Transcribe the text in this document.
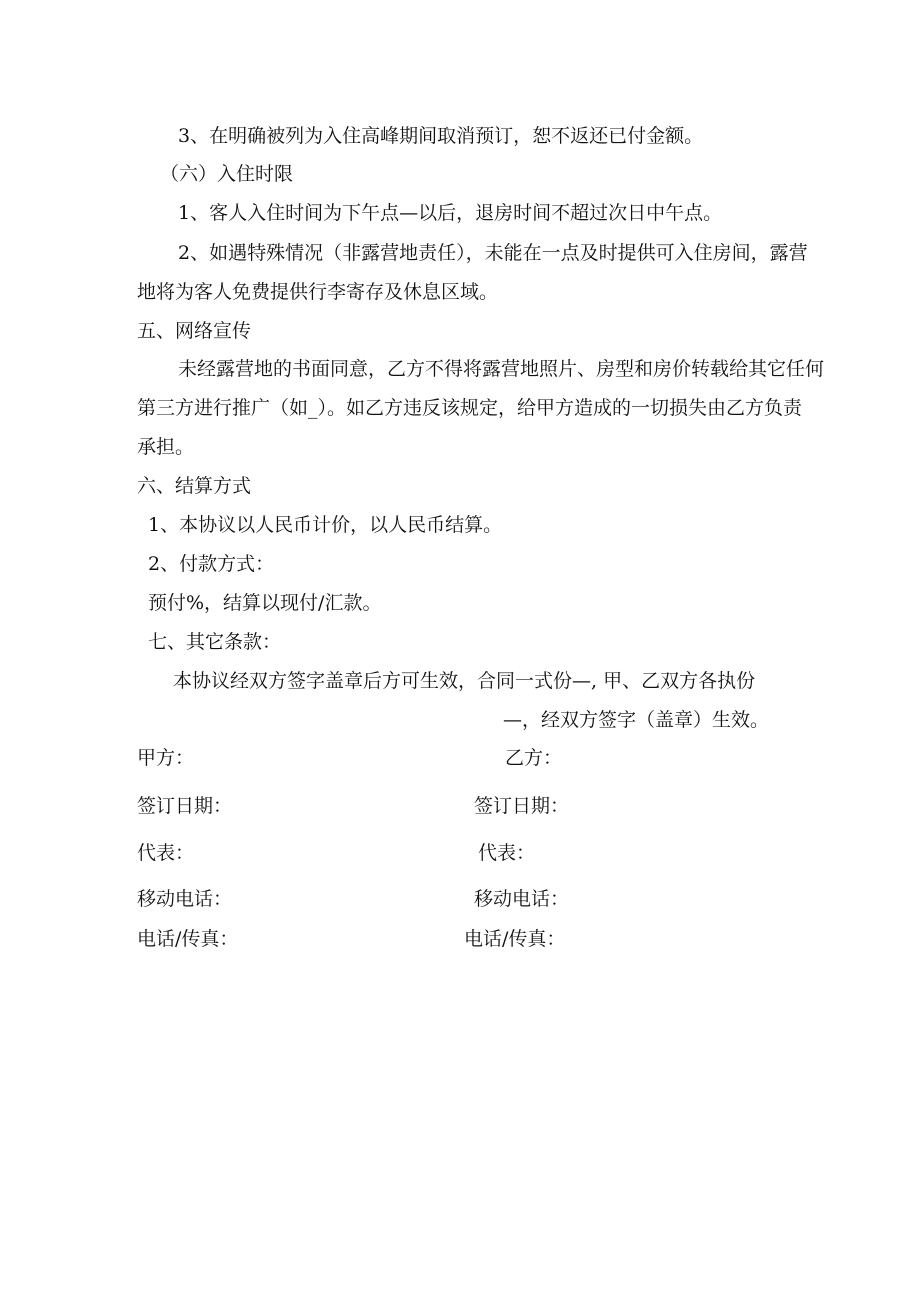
3、在明确被列为入住高峰期间取消预订，恕不返还已付金额。
（六）入住时限
1、客人入住时间为下午点—以后，退房时间不超过次日中午点。
2、如遇特殊情况（非露营地责任），未能在一点及时提供可入住房间，露营
地将为客人免费提供行李寄存及休息区域。
五、网络宣传
未经露营地的书面同意，乙方不得将露营地照片、房型和房价转载给其它任何
第三方进行推广（如_）。如乙方违反该规定，给甲方造成的一切损失由乙方负责
承担。
六、结算方式
1、本协议以人民币计价，以人民币结算。
2、付款方式：
预付%，结算以现付/汇款。
七、其它条款：
本协议经双方签字盖章后方可生效，合同一式份—, 甲、乙双方各执份
—，经双方签字（盖章）生效。
甲方：	乙方：
签订日期：	签订日期：
代表：	代表：
移动电话：	移动电话：
电话/传真：	电话/传真：
